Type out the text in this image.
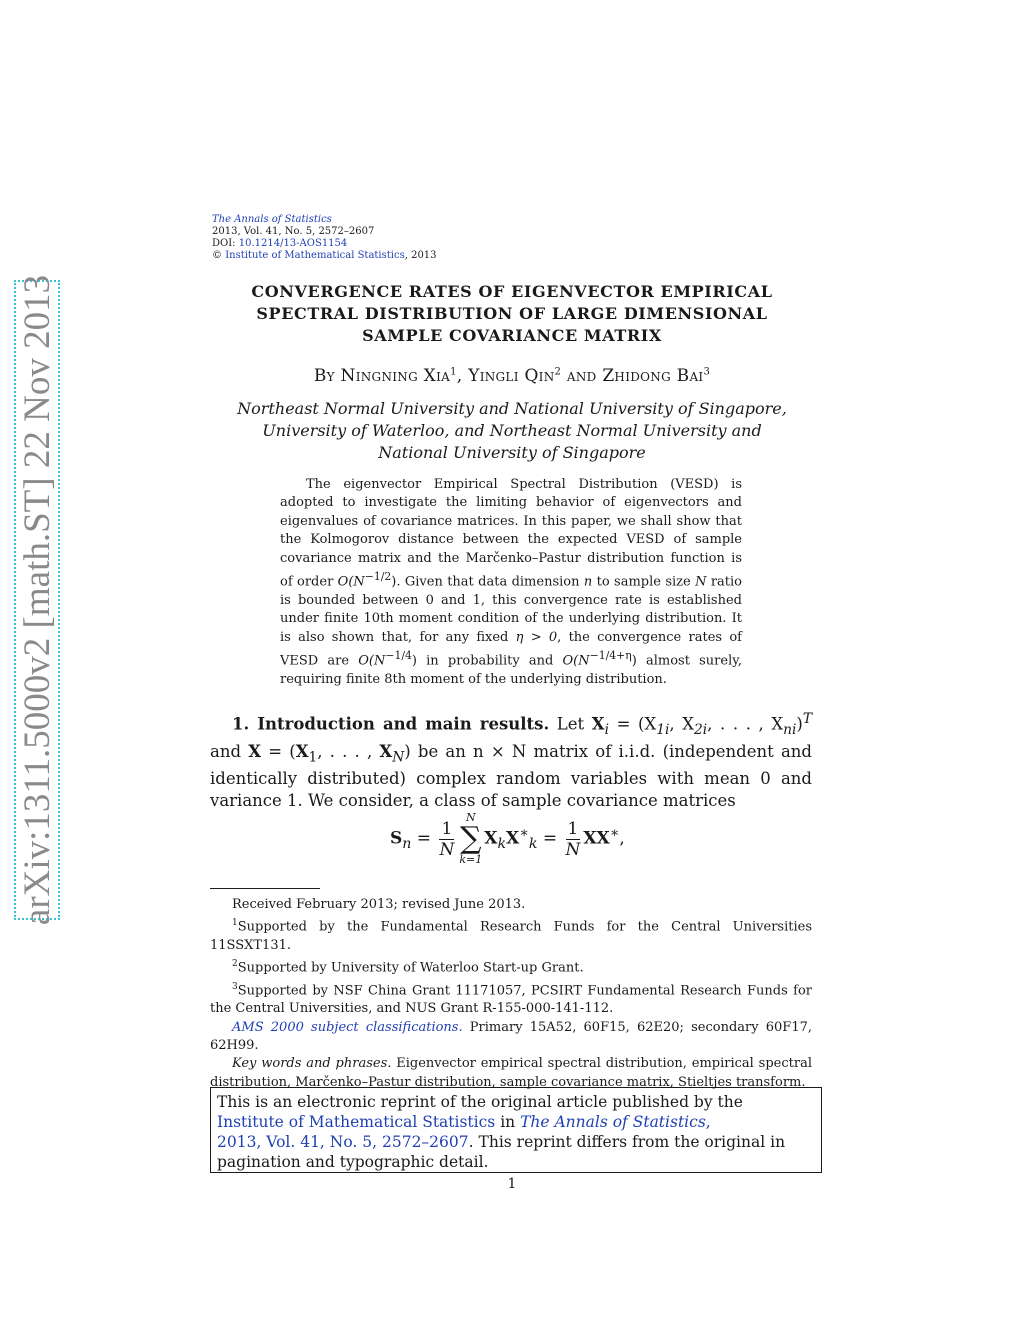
arXiv:1311.5000v2 [math.ST] 22 Nov 2013
The Annals of Statistics
2013, Vol. 41, No. 5, 2572–2607
DOI: 10.1214/13-AOS1154
© Institute of Mathematical Statistics, 2013
CONVERGENCE RATES OF EIGENVECTOR EMPIRICAL
SPECTRAL DISTRIBUTION OF LARGE DIMENSIONAL
SAMPLE COVARIANCE MATRIX
By Ningning Xia$^1$, Yingli Qin$^2$ and Zhidong Bai$^3$
Northeast Normal University and National University of Singapore,
University of Waterloo, and Northeast Normal University and
National University of Singapore
The eigenvector Empirical Spectral Distribution (VESD) is adopted to investigate the limiting behavior of eigenvectors and eigenvalues of covariance matrices. In this paper, we shall show that the Kolmogorov distance between the expected VESD of sample covariance matrix and the Marčenko–Pastur distribution function is of order $O(N^{-1/2})$. Given that data dimension n to sample size N ratio is bounded between 0 and 1, this convergence rate is established under finite 10th moment condition of the underlying distribution. It is also shown that, for any fixed η > 0, the convergence rates of VESD are $O(N^{-1/4})$ in probability and $O(N^{-1/4+\eta})$ almost surely, requiring finite 8th moment of the underlying distribution.
1. Introduction and main results. Let $X_i = (X_{1i}$, $X_{2i}$, . . . , $X_{ni})^T$ and $X = (X_1$, . . . , $X_N$) be an n × N matrix of i.i.d. (independent and identically distributed) complex random variables with mean 0 and variance 1. We consider, a class of sample covariance matrices
$S_n = \frac{1}{N}$
N
∑
k=1
$X_kX^∗_k = \frac{1}{N} XX^∗$,

Received February 2013; revised June 2013.

$^1$Supported by the Fundamental Research Funds for the Central Universities 11SSXT131.

$^2$Supported by University of Waterloo Start-up Grant.

$^3$Supported by NSF China Grant 11171057, PCSIRT Fundamental Research Funds for the Central Universities, and NUS Grant R-155-000-141-112.

AMS 2000 subject classifications. Primary 15A52, 60F15, 62E20; secondary 60F17, 62H99.

Key words and phrases. Eigenvector empirical spectral distribution, empirical spectral distribution, Marčenko–Pastur distribution, sample covariance matrix, Stieltjes transform.

This is an electronic reprint of the original article published by the
Institute of Mathematical Statistics in The Annals of Statistics,
2013, Vol. 41, No. 5, 2572–2607. This reprint differs from the original in pagination and typographic detail.
1
